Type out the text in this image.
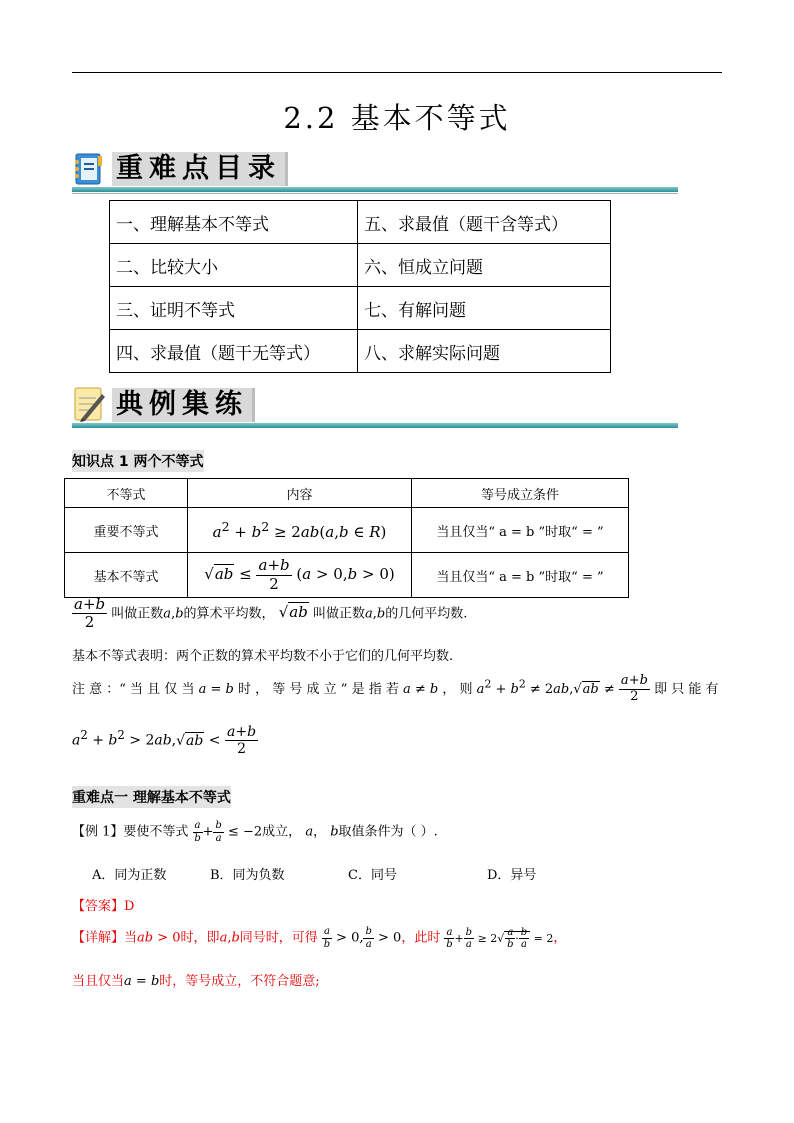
2.2 基本不等式
重难点目录
一、理解基本不等式	五、求最值（题干含等式）
二、比较大小	六、恒成立问题
三、证明不等式	七、有解问题
四、求最值（题干无等式）	八、求解实际问题
典例集练
知识点 1 两个不等式
不等式	内容	等号成立条件
重要不等式	$a^2 + b^2 \ge 2ab(a,b$ ∈ R)	当且仅当“ a = b ”时取“ = ”
基本不等式	$√ab \le \frac{a+b}{2} (a > 0,b > 0)$	当且仅当“ a = b ”时取“ = ”
$\frac{a+b}{2}$ 叫做正数a,b的算术平均数， √ab 叫做正数a,b的几何平均数.
基本不等式表明：两个正数的算术平均数不小于它们的几何平均数.
注 意 ：“ 当 且 仅 当 a = b 时 ， 等 号 成 立 ” 是 指 若 a ≠ b ， 则 $a^2 + b^2 \ne 2ab,√ab \ne \frac{a+b}{2}$ 即 只 能 有
$a^2 + b^2 > 2ab,√ab < \frac{a+b}{2}$
重难点一 理解基本不等式
【例 1】要使不等式 $\frac{a}{b} + \frac{b}{a} \le -2$成立， a， b取值条件为（ ）.
A．同为正数	B．同为负数	C．同号	D．异号
【答案】D
【详解】当ab > 0时，即a,b同号时，可得 $\frac{a}{b} > 0$, $\frac{b}{a} > 0$，此时 $\frac{a}{b} + \frac{b}{a} \ge 2√ \frac{a}{b} \cdot \frac{b}{a} = 2$，
当且仅当a = b时，等号成立，不符合题意;
